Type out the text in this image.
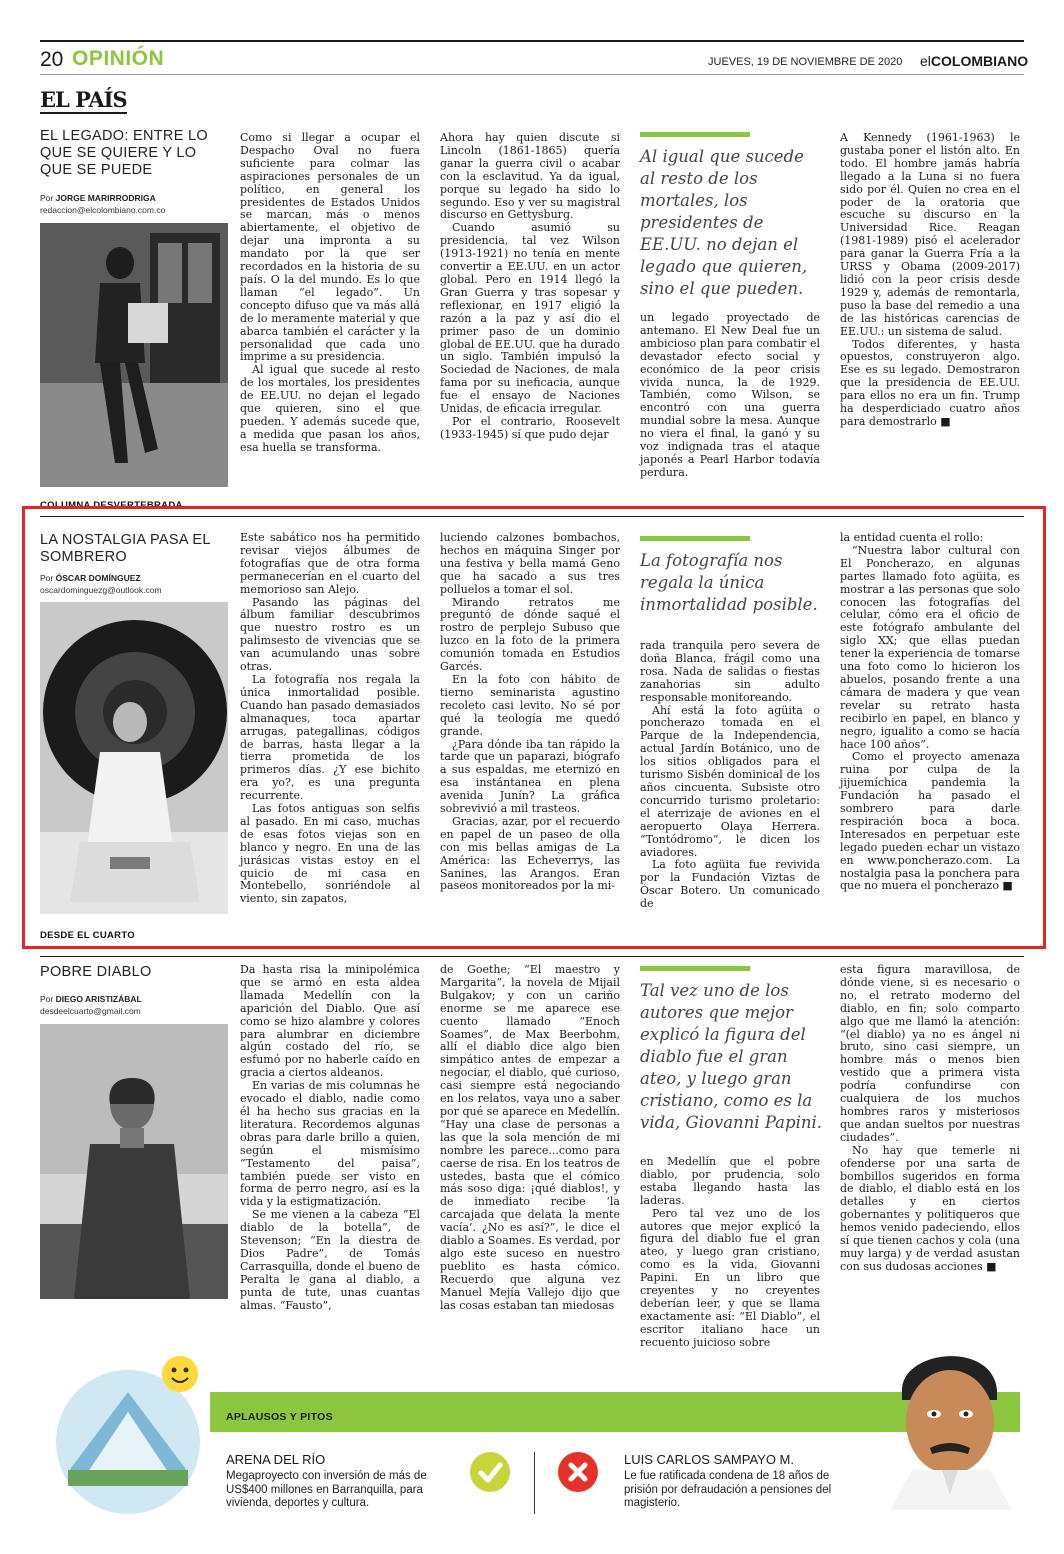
20 OPINIÓN	JUEVES, 19 DE NOVIEMBRE DE 2020 elCOLOMBIANO
EL PAÍS
EL LEGADO: ENTRE LO QUE SE QUIERE Y LO QUE SE PUEDE
Por JORGE MARIRRODRIGA
redaccion@elcolombiano.com.co
COLUMNA DESVERTEBRADA

Como si llegar a ocupar el Despacho Oval no fuera suficiente para colmar las aspiraciones personales de un político, en general los presidentes de Estados Unidos se marcan, más o menos abiertamente, el objetivo de dejar una impronta a su mandato por la que ser recordados en la historia de su país. O la del mundo. Es lo que llaman “el legado”. Un concepto difuso que va más allá de lo meramente material y que abarca también el carácter y la personalidad que cada uno imprime a su presidencia.

Al igual que sucede al resto de los mortales, los presidentes de EE.UU. no dejan el legado que quieren, sino el que pueden. Y además sucede que, a medida que pasan los años, esa huella se transforma.

Ahora hay quien discute si Lincoln (1861-1865) quería ganar la guerra civil o acabar con la esclavitud. Ya da igual, porque su legado ha sido lo segundo. Eso y ver su magistral discurso en Gettysburg.

Cuando asumió su presidencia, tal vez Wilson (1913-1921) no tenía en mente convertir a EE.UU. en un actor global. Pero en 1914 llegó la Gran Guerra y tras sopesar y reflexionar, en 1917 eligió la razón a la paz y así dio el primer paso de un dominio global de EE.UU. que ha durado un siglo. También impulsó la Sociedad de Naciones, de mala fama por su ineficacia, aunque fue el ensayo de Naciones Unidas, de eficacia irregular.

Por el contrario, Roosevelt (1933-1945) sí que pudo dejar

Al igual que sucede al resto de los mortales, los presidentes de EE.UU. no dejan el legado que quieren, sino el que pueden.

un legado proyectado de antemano. El New Deal fue un ambicioso plan para combatir el devastador efecto social y económico de la peor crisis vivida nunca, la de 1929. También, como Wilson, se encontró con una guerra mundial sobre la mesa. Aunque no viera el final, la ganó y su voz indignada tras el ataque japonés a Pearl Harbor todavía perdura.

A Kennedy (1961-1963) le gustaba poner el listón alto. En todo. El hombre jamás habría llegado a la Luna si no fuera sido por él. Quien no crea en el poder de la oratoria que escuche su discurso en la Universidad Rice. Reagan (1981-1989) pisó el acelerador para ganar la Guerra Fría a la URSS y Obama (2009-2017) lidió con la peor crisis desde 1929 y, además de remontarla, puso la base del remedio a una de las históricas carencias de EE.UU.: un sistema de salud.

Todos diferentes, y hasta opuestos, construyeron algo. Ese es su legado. Demostraron que la presidencia de EE.UU. para ellos no era un fin. Trump ha desperdiciado cuatro años para demostrarlo ■

LA NOSTALGIA PASA EL SOMBRERO
Por ÓSCAR DOMÍNGUEZ
oscardominguezg@outlook.com
DESDE EL CUARTO

Este sabático nos ha permitido revisar viejos álbumes de fotografías que de otra forma permanecerían en el cuarto del memorioso san Alejo.

Pasando las páginas del álbum familiar descubrimos que nuestro rostro es un palimsesto de vivencias que se van acumulando unas sobre otras.

La fotografía nos regala la única inmortalidad posible. Cuando han pasado demasiados almanaques, toca apartar arrugas, pategallinas, códigos de barras, hasta llegar a la tierra prometida de los primeros días. ¿Y ese bichito era yo?, es una pregunta recurrente.

Las fotos antiguas son selfis al pasado. En mi caso, muchas de esas fotos viejas son en blanco y negro. En una de las jurásicas vistas estoy en el quicio de mi casa en Montebello, sonriéndole al viento, sin zapatos,

luciendo calzones bombachos, hechos en máquina Singer por una festiva y bella mamá Geno que ha sacado a sus tres polluelos a tomar el sol.

Mirando retratos me preguntó de dónde saqué el rostro de perplejo Subuso que luzco en la foto de la primera comunión tomada en Estudios Garcés.

En la foto con hábito de tierno seminarista agustino recoleto casi levito. No sé por qué la teología me quedó grande.

¿Para dónde iba tan rápido la tarde que un paparazi, biógrafo a sus espaldas, me eternizó en esa instántanea en plena avenida Junín? La gráfica sobrevivió a mil trasteos.

Gracias, azar, por el recuerdo en papel de un paseo de olla con mis bellas amigas de La América: las Echeverrys, las Sanines, las Arangos. Eran paseos monitoreados por la mi-

La fotografía nos regala la única inmortalidad posible.

rada tranquila pero severa de doña Blanca, frágil como una rosa. Nada de salidas o fiestas zanahorias sin adulto responsable monitoreando.

Ahí está la foto agüita o poncherazo tomada en el Parque de la Independencia, actual Jardín Botánico, uno de los sitios obligados para el turismo Sisbén dominical de los años cincuenta. Subsiste otro concurrido turismo proletario: el aterrizaje de aviones en el aeropuerto Olaya Herrera. “Tontódromo”, le dicen los aviadores.

La foto agüita fue revivida por la Fundación Viztas de Óscar Botero. Un comunicado de

la entidad cuenta el rollo:

“Nuestra labor cultural con El Poncherazo, en algunas partes llamado foto agüita, es mostrar a las personas que solo conocen las fotografías del celular, cómo era el oficio de este fotógrafo ambulante del siglo XX; que ellas puedan tener la experiencia de tomarse una foto como lo hicieron los abuelos, posando frente a una cámara de madera y que vean revelar su retrato hasta recibirlo en papel, en blanco y negro, igualito a como se hacía hace 100 años”.

Como el proyecto amenaza ruina por culpa de la jijuemíchica pandemia la Fundación ha pasado el sombrero para darle respiración boca a boca. Interesados en perpetuar este legado pueden echar un vistazo en www.poncherazo.com. La nostalgia pasa la ponchera para que no muera el poncherazo ■

POBRE DIABLO
Por DIEGO ARISTIZÁBAL
desdeelcuarto@gmail.com

Da hasta risa la minipolémica que se armó en esta aldea llamada Medellín con la aparición del Diablo. Que así como se hizo alambre y colores para alumbrar en diciembre algún costado del río, se esfumó por no haberle caído en gracia a ciertos aldeanos.

En varias de mis columnas he evocado el diablo, nadie como él ha hecho sus gracias en la literatura. Recordemos algunas obras para darle brillo a quien, según el mismísimo “Testamento del paisa”, también puede ser visto en forma de perro negro, así es la vida y la estigmatización.

Se me vienen a la cabeza “El diablo de la botella”, de Stevenson; “En la diestra de Dios Padre”, de Tomás Carrasquilla, donde el bueno de Peralta le gana al diablo, a punta de tute, unas cuantas almas. “Fausto”,

de Goethe; “El maestro y Margarita”, la novela de Mijail Bulgakov; y con un cariño enorme se me aparece ese cuento llamado “Enoch Soames”, de Max Beerbohm, allí el diablo dice algo bien simpático antes de empezar a negociar, el diablo, qué curioso, casi siempre está negociando en los relatos, vaya uno a saber por qué se aparece en Medellín. “Hay una clase de personas a las que la sola mención de mi nombre les parece...como para caerse de risa. En los teatros de ustedes, basta que el cómico más soso diga: ¡qué diablos!, y de inmediato recibe ‘la carcajada que delata la mente vacía’. ¿No es así?”, le dice el diablo a Soames. Es verdad, por algo este suceso en nuestro pueblito es hasta cómico. Recuerdo que alguna vez Manuel Mejía Vallejo dijo que las cosas estaban tan miedosas

Tal vez uno de los autores que mejor explicó la figura del diablo fue el gran ateo, y luego gran cristiano, como es la vida, Giovanni Papini.

en Medellín que el pobre diablo, por prudencia, solo estaba llegando hasta las laderas.

Pero tal vez uno de los autores que mejor explicó la figura del diablo fue el gran ateo, y luego gran cristiano, como es la vida, Giovanni Papini. En un libro que creyentes y no creyentes deberían leer, y que se llama exactamente así: “El Diablo”, el escritor italiano hace un recuento juicioso sobre

esta figura maravillosa, de dónde viene, si es necesario o no, el retrato moderno del diablo, en fin; solo comparto algo que me llamó la atención: “(el diablo) ya no es ángel ni bruto, sino casi siempre, un hombre más o menos bien vestido que a primera vista podría confundirse con cualquiera de los muchos hombres raros y misteriosos que andan sueltos por nuestras ciudades”.

No hay que temerle ni ofenderse por una sarta de bombillos sugeridos en forma de diablo, el diablo está en los detalles y en ciertos gobernantes y politiqueros que hemos venido padeciendo, ellos sí que tienen cachos y cola (una muy larga) y de verdad asustan con sus dudosas acciones ■

APLAUSOS Y PITOS
ARENA DEL RÍO
Megaproyecto con inversión de más de US$400 millones en Barranquilla, para vivienda, deportes y cultura.
LUIS CARLOS SAMPAYO M.
Le fue ratificada condena de 18 años de prisión por defraudación a pensiones del magisterio.
